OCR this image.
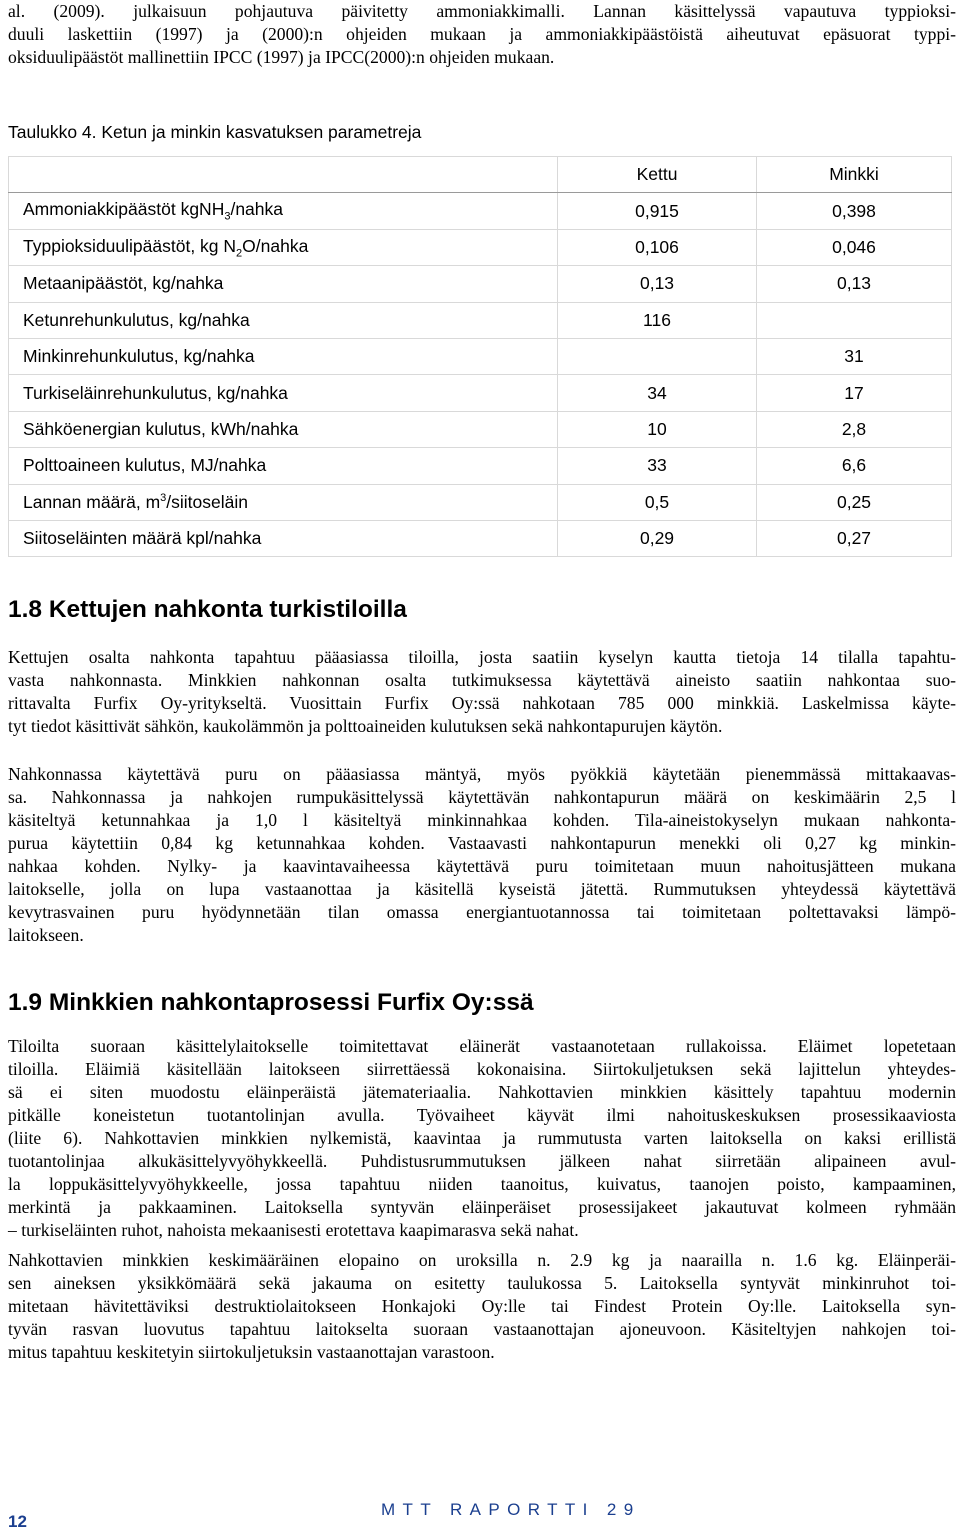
al. (2009). julkaisuun pohjautuva päivitetty ammoniakkimalli. Lannan käsittelyssä vapautuva typpioksi-
duuli laskettiin (1997) ja (2000):n ohjeiden mukaan ja ammoniakkipäästöistä aiheutuvat epäsuorat typpi-
oksiduulipäästöt mallinettiin IPCC (1997) ja IPCC(2000):n ohjeiden mukaan.
Taulukko 4. Ketun ja minkin kasvatuksen parametreja
	Kettu	Minkki
Ammoniakkipäästöt kgNH$_3$/nahka	0,915	0,398
Typpioksiduulipäästöt, kg $N_2O$/nahka	0,106	0,046
Metaanipäästöt, kg/nahka	0,13	0,13
Ketunrehunkulutus, kg/nahka	116	
Minkinrehunkulutus, kg/nahka		31
Turkiseläinrehunkulutus, kg/nahka	34	17
Sähköenergian kulutus, kWh/nahka	10	2,8
Polttoaineen kulutus, MJ/nahka	33	6,6
Lannan määrä, $m^3$/siitoseläin	0,5	0,25
Siitoseläinten määrä kpl/nahka	0,29	0,27
1.8 Kettujen nahkonta turkistiloilla
Kettujen osalta nahkonta tapahtuu pääasiassa tiloilla, josta saatiin kyselyn kautta tietoja 14 tilalla tapahtu-
vasta nahkonnasta. Minkkien nahkonnan osalta tutkimuksessa käytettävä aineisto saatiin nahkontaa suo-
rittavalta Furfix Oy-yritykseltä. Vuosittain Furfix Oy:ssä nahkotaan 785 000 minkkiä. Laskelmissa käyte-
tyt tiedot käsittivät sähkön, kaukolämmön ja polttoaineiden kulutuksen sekä nahkontapurujen käytön.
Nahkonnassa käytettävä puru on pääasiassa mäntyä, myös pyökkiä käytetään pienemmässä mittakaavas-
sa. Nahkonnassa ja nahkojen rumpukäsittelyssä käytettävän nahkontapurun määrä on keskimäärin 2,5 l
käsiteltyä ketunnahkaa ja 1,0 l käsiteltyä minkinnahkaa kohden. Tila-aineistokyselyn mukaan nahkonta-
purua käytettiin 0,84 kg ketunnahkaa kohden. Vastaavasti nahkontapurun menekki oli 0,27 kg minkin-
nahkaa kohden. Nylky- ja kaavintavaiheessa käytettävä puru toimitetaan muun nahoitusjätteen mukana
laitokselle, jolla on lupa vastaanottaa ja käsitellä kyseistä jätettä. Rummutuksen yhteydessä käytettävä
kevytrasvainen puru hyödynnetään tilan omassa energiantuotannossa tai toimitetaan poltettavaksi lämpö-
laitokseen.
1.9 Minkkien nahkontaprosessi Furfix Oy:ssä
Tiloilta suoraan käsittelylaitokselle toimitettavat eläinerät vastaanotetaan rullakoissa. Eläimet lopetetaan
tiloilla. Eläimiä käsitellään laitokseen siirrettäessä kokonaisina. Siirtokuljetuksen sekä lajittelun yhteydes-
sä ei siten muodostu eläinperäistä jätemateriaalia. Nahkottavien minkkien käsittely tapahtuu modernin
pitkälle koneistetun tuotantolinjan avulla. Työvaiheet käyvät ilmi nahoituskeskuksen prosessikaaviosta
(liite 6). Nahkottavien minkkien nylkemistä, kaavintaa ja rummutusta varten laitoksella on kaksi erillistä
tuotantolinjaa alkukäsittelyvyöhykkeellä. Puhdistusrummutuksen jälkeen nahat siirretään alipaineen avul-
la loppukäsittelyvyöhykkeelle, jossa tapahtuu niiden taanoitus, kuivatus, taanojen poisto, kampaaminen,
merkintä ja pakkaaminen. Laitoksella syntyvän eläinperäiset prosessijakeet jakautuvat kolmeen ryhmään
– turkiseläinten ruhot, nahoista mekaanisesti erotettava kaapimarasva sekä nahat.
Nahkottavien minkkien keskimääräinen elopaino on uroksilla n. 2.9 kg ja naarailla n. 1.6 kg. Eläinperäi-
sen aineksen yksikkömäärä sekä jakauma on esitetty taulukossa 5. Laitoksella syntyvät minkinruhot toi-
mitetaan hävitettäviksi destruktiolaitokseen Honkajoki Oy:lle tai Findest Protein Oy:lle. Laitoksella syn-
tyvän rasvan luovutus tapahtuu laitokselta suoraan vastaanottajan ajoneuvoon. Käsiteltyjen nahkojen toi-
mitus tapahtuu keskitetyin siirtokuljetuksin vastaanottajan varastoon.
12
MTT RAPORTTI 29
